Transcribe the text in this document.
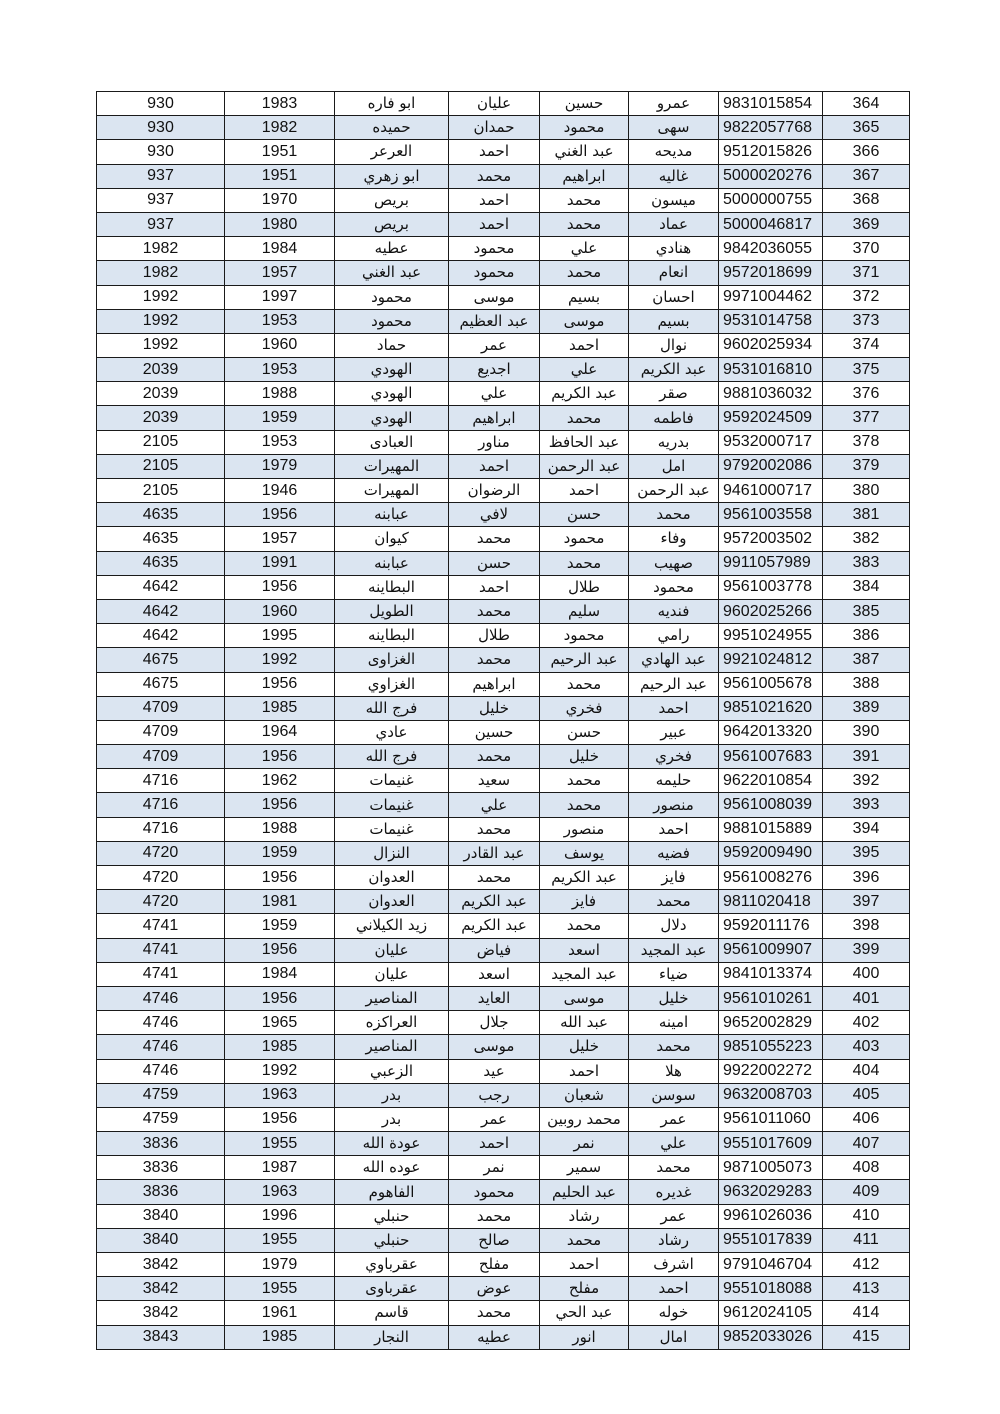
930	1983	ابو فاره	عليان	حسين	عمرو	9831015854	364
930	1982	حميده	حمدان	محمود	سهى	9822057768	365
930	1951	العرعر	احمد	عبد الغني	مديحه	9512015826	366
937	1951	ابو زهري	محمد	ابراهيم	غاليه	5000020276	367
937	1970	بريص	احمد	محمد	ميسون	5000000755	368
937	1980	بريص	احمد	محمد	عماد	5000046817	369
1982	1984	عطيه	محمود	علي	هنادي	9842036055	370
1982	1957	عبد الغني	محمود	محمد	انعام	9572018699	371
1992	1997	محمود	موسى	بسيم	احسان	9971004462	372
1992	1953	محمود	عبد العظيم	موسى	بسيم	9531014758	373
1992	1960	حماد	عمر	احمد	نوال	9602025934	374
2039	1953	الهودي	اجديع	علي	عبد الكريم	9531016810	375
2039	1988	الهودي	علي	عبد الكريم	صقر	9881036032	376
2039	1959	الهودي	ابراهيم	محمد	فاطمه	9592024509	377
2105	1953	العبادى	مناور	عبد الحافظ	بدريه	9532000717	378
2105	1979	المهيرات	احمد	عبد الرحمن	امل	9792002086	379
2105	1946	المهيرات	الرضوان	احمد	عبد الرحمن	9461000717	380
4635	1956	عبابنه	لافي	حسن	محمد	9561003558	381
4635	1957	كيوان	محمد	محمود	وفاء	9572003502	382
4635	1991	عبابنه	حسن	محمد	صهيب	9911057989	383
4642	1956	البطاينه	احمد	طلال	محمود	9561003778	384
4642	1960	الطويل	محمد	سليم	فنديه	9602025266	385
4642	1995	البطاينه	طلال	محمود	رامي	9951024955	386
4675	1992	الغزاوى	محمد	عبد الرحيم	عبد الهادي	9921024812	387
4675	1956	الغزاوي	ابراهيم	محمد	عبد الرحيم	9561005678	388
4709	1985	فرج الله	خليل	فخري	احمد	9851021620	389
4709	1964	عادي	حسين	حسن	عبير	9642013320	390
4709	1956	فرج الله	محمد	خليل	فخري	9561007683	391
4716	1962	غنيمات	سعيد	محمد	حليمه	9622010854	392
4716	1956	غنيمات	علي	محمد	منصور	9561008039	393
4716	1988	غنيمات	محمد	منصور	احمد	9881015889	394
4720	1959	النزال	عبد القادر	يوسف	فضيه	9592009490	395
4720	1956	العدوان	محمد	عبد الكريم	فايز	9561008276	396
4720	1981	العدوان	عبد الكريم	فايز	محمد	9811020418	397
4741	1959	زيد الكيلاني	عبد الكريم	محمد	دلال	9592011176	398
4741	1956	عليان	فياض	اسعد	عبد المجيد	9561009907	399
4741	1984	عليان	اسعد	عبد المجيد	ضياء	9841013374	400
4746	1956	المناصير	العايد	موسى	خليل	9561010261	401
4746	1965	العراكزه	جلال	عبد الله	امينه	9652002829	402
4746	1985	المناصير	موسى	خليل	محمد	9851055223	403
4746	1992	الزعبي	عيد	احمد	هلا	9922002272	404
4759	1963	بدر	رجب	شعبان	سوسن	9632008703	405
4759	1956	بدر	عمر	محمد روبين	عمر	9561011060	406
3836	1955	عودة الله	احمد	نمر	علي	9551017609	407
3836	1987	عوده الله	نمر	سمير	محمد	9871005073	408
3836	1963	الفاهوم	محمود	عبد الحليم	غديره	9632029283	409
3840	1996	حنبلي	محمد	رشاد	عمر	9961026036	410
3840	1955	حنبلي	صالح	محمد	رشاد	9551017839	411
3842	1979	عقرباوي	مفلح	احمد	اشرف	9791046704	412
3842	1955	عقرباوى	عوض	مفلح	احمد	9551018088	413
3842	1961	قاسم	محمد	عبد الحي	خوله	9612024105	414
3843	1985	النجار	عطيه	انور	امال	9852033026	415
